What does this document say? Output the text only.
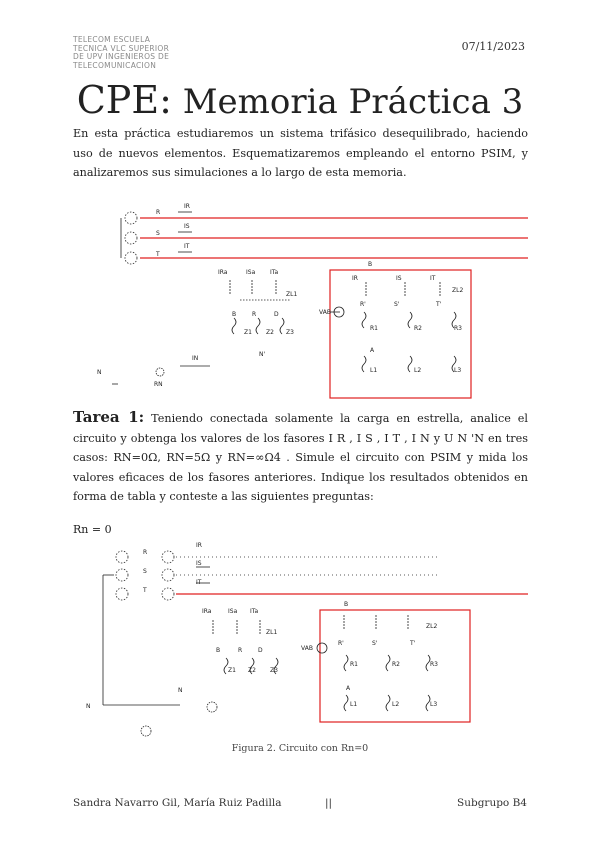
TELECOM ESCUELA
TECNICA VLC SUPERIOR
DE UPV INGENIEROS DE
TELECOMUNICACION
07/11/2023
CPE: Memoria Práctica 3
En esta práctica estudiaremos un sistema trifásico desequilibrado, haciendo uso de nuevos elementos. Esquematizaremos empleando el entorno PSIM, y analizaremos sus simulaciones a lo largo de esta memoria.
R
S
T
IR
IS
IT
IRa	ISa ITa
ZL1
B	R	D
Z1 Z2 Z3
N'
N
IN
RN
B
IR	IS	IT
VAB
R'	S'	T'
ZL2
R1	R2	R3
A
L1	L2	L3
R
S
T
IR
IS
IT
IRa	ISa ITa
ZL1
B	R	D
Z1 Z2 Z3
N
N
B
VAB
R'	S'	T'
ZL2
R1	R2	R3
A
L1	L2	L3
Tarea 1: Teniendo conectada solamente la carga en estrella, analice el circuito y obtenga los valores de los fasores I R , I S , I T , I N y U N 'N en tres casos: RN=0Ω, RN=5Ω y RN=∞Ω4 . Simule el circuito con PSIM y mida los valores eficaces de los fasores anteriores. Indique los resultados obtenidos en forma de tabla y conteste a las siguientes preguntas:
Rn = 0
Figura 2. Circuito con Rn=0
Sandra Navarro Gil, María Ruiz Padilla	||	Subgrupo B4
